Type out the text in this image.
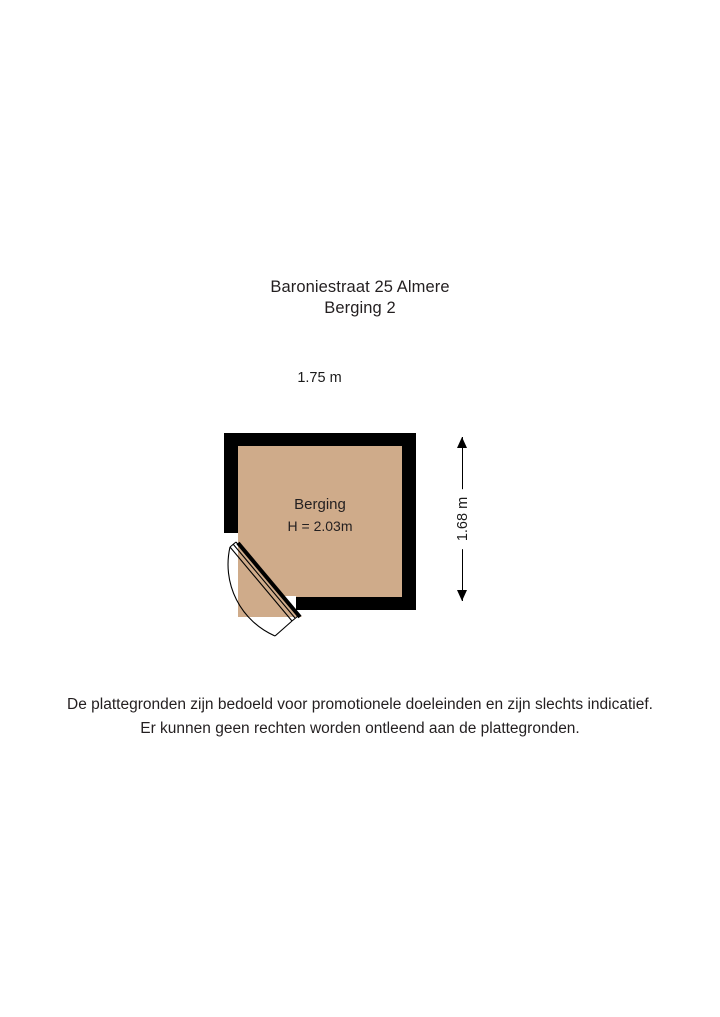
Baroniestraat 25 Almere
Berging 2
1.75 m
1.68 m
Berging
H = 2.03m
De plattegronden zijn bedoeld voor promotionele doeleinden en zijn slechts indicatief.
Er kunnen geen rechten worden ontleend aan de plattegronden.
